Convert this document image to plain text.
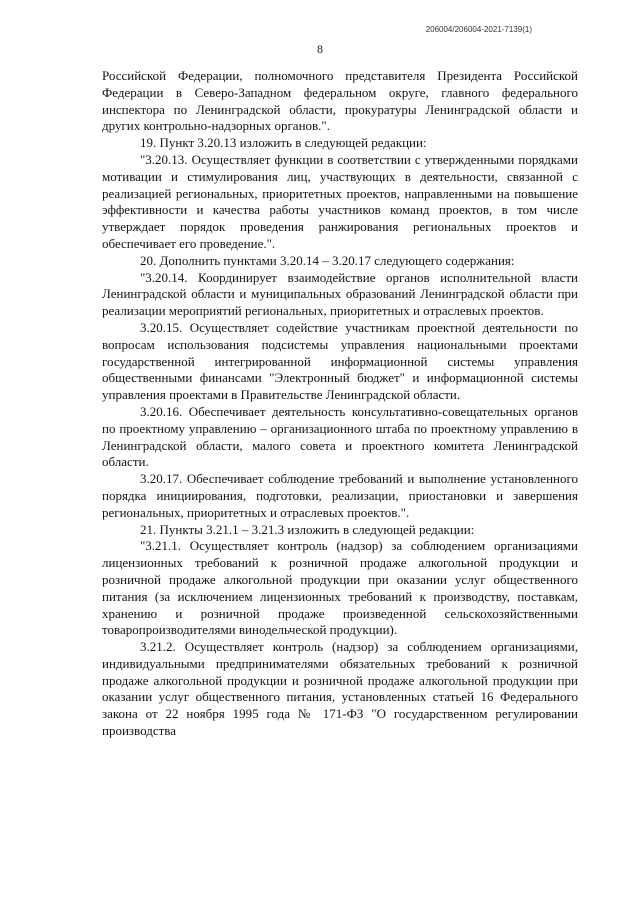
206004/206004-2021-7139(1)
8

Российской Федерации, полномочного представителя Президента Российской Федерации в Северо-Западном федеральном округе, главного федерального инспектора по Ленинградской области, прокуратуры Ленинградской области и других контрольно-надзорных органов.".

19. Пункт 3.20.13 изложить в следующей редакции:

"3.20.13. Осуществляет функции в соответствии с утвержденными порядками мотивации и стимулирования лиц, участвующих в деятельности, связанной с реализацией региональных, приоритетных проектов, направленными на повышение эффективности и качества работы участников команд проектов, в том числе утверждает порядок проведения ранжирования региональных проектов и обеспечивает его проведение.".

20. Дополнить пунктами 3.20.14 – 3.20.17 следующего содержания:

"3.20.14. Координирует взаимодействие органов исполнительной власти Ленинградской области и муниципальных образований Ленинградской области при реализации мероприятий региональных, приоритетных и отраслевых проектов.

3.20.15. Осуществляет содействие участникам проектной деятельности по вопросам использования подсистемы управления национальными проектами государственной интегрированной информационной системы управления общественными финансами "Электронный бюджет" и информационной системы управления проектами в Правительстве Ленинградской области.

3.20.16. Обеспечивает деятельность консультативно-совещательных органов по проектному управлению – организационного штаба по проектному управлению в Ленинградской области, малого совета и проектного комитета Ленинградской области.

3.20.17. Обеспечивает соблюдение требований и выполнение установленного порядка инициирования, подготовки, реализации, приостановки и завершения региональных, приоритетных и отраслевых проектов.".

21. Пункты 3.21.1 – 3.21.3 изложить в следующей редакции:

"3.21.1. Осуществляет контроль (надзор) за соблюдением организациями лицензионных требований к розничной продаже алкогольной продукции и розничной продаже алкогольной продукции при оказании услуг общественного питания (за исключением лицензионных требований к производству, поставкам, хранению и розничной продаже произведенной сельскохозяйственными товаропроизводителями винодельческой продукции).

3.21.2. Осуществляет контроль (надзор) за соблюдением организациями, индивидуальными предпринимателями обязательных требований к розничной продаже алкогольной продукции и розничной продаже алкогольной продукции при оказании услуг общественного питания, установленных статьей 16 Федерального закона от 22 ноября 1995 года № 171-ФЗ "О государственном регулировании производства
